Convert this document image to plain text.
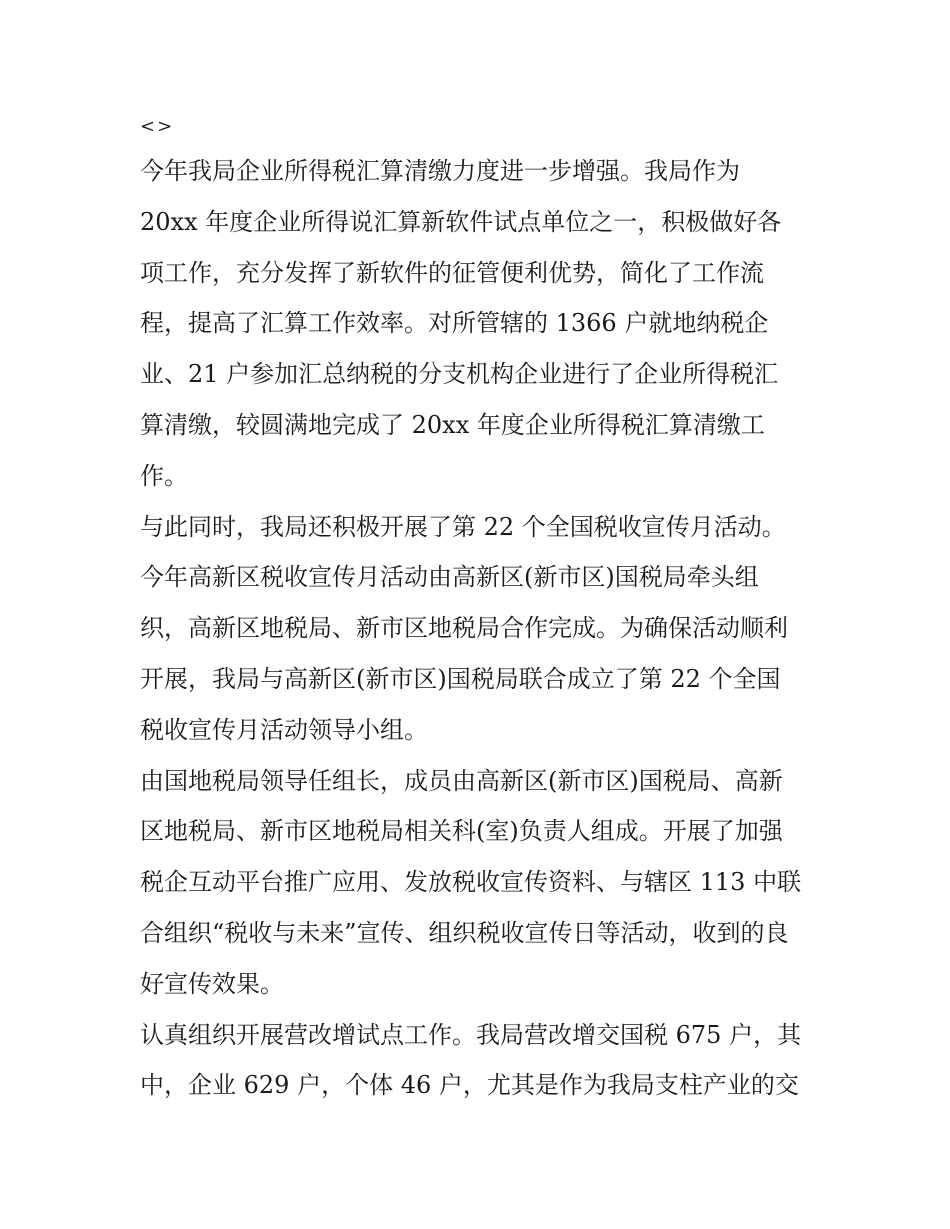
<>
今年我局企业所得税汇算清缴力度进一步增强。我局作为
20xx 年度企业所得说汇算新软件试点单位之一，积极做好各
项工作，充分发挥了新软件的征管便利优势，简化了工作流
程，提高了汇算工作效率。对所管辖的 1366 户就地纳税企
业、21 户参加汇总纳税的分支机构企业进行了企业所得税汇
算清缴，较圆满地完成了 20xx 年度企业所得税汇算清缴工
作。
与此同时，我局还积极开展了第 22 个全国税收宣传月活动。
今年高新区税收宣传月活动由高新区(新市区)国税局牵头组
织，高新区地税局、新市区地税局合作完成。为确保活动顺利
开展，我局与高新区(新市区)国税局联合成立了第 22 个全国
税收宣传月活动领导小组。
由国地税局领导任组长，成员由高新区(新市区)国税局、高新
区地税局、新市区地税局相关科(室)负责人组成。开展了加强
税企互动平台推广应用、发放税收宣传资料、与辖区 113 中联
合组织“税收与未来”宣传、组织税收宣传日等活动，收到的良
好宣传效果。
认真组织开展营改增试点工作。我局营改增交国税 675 户，其
中，企业 629 户，个体 46 户，尤其是作为我局支柱产业的交
